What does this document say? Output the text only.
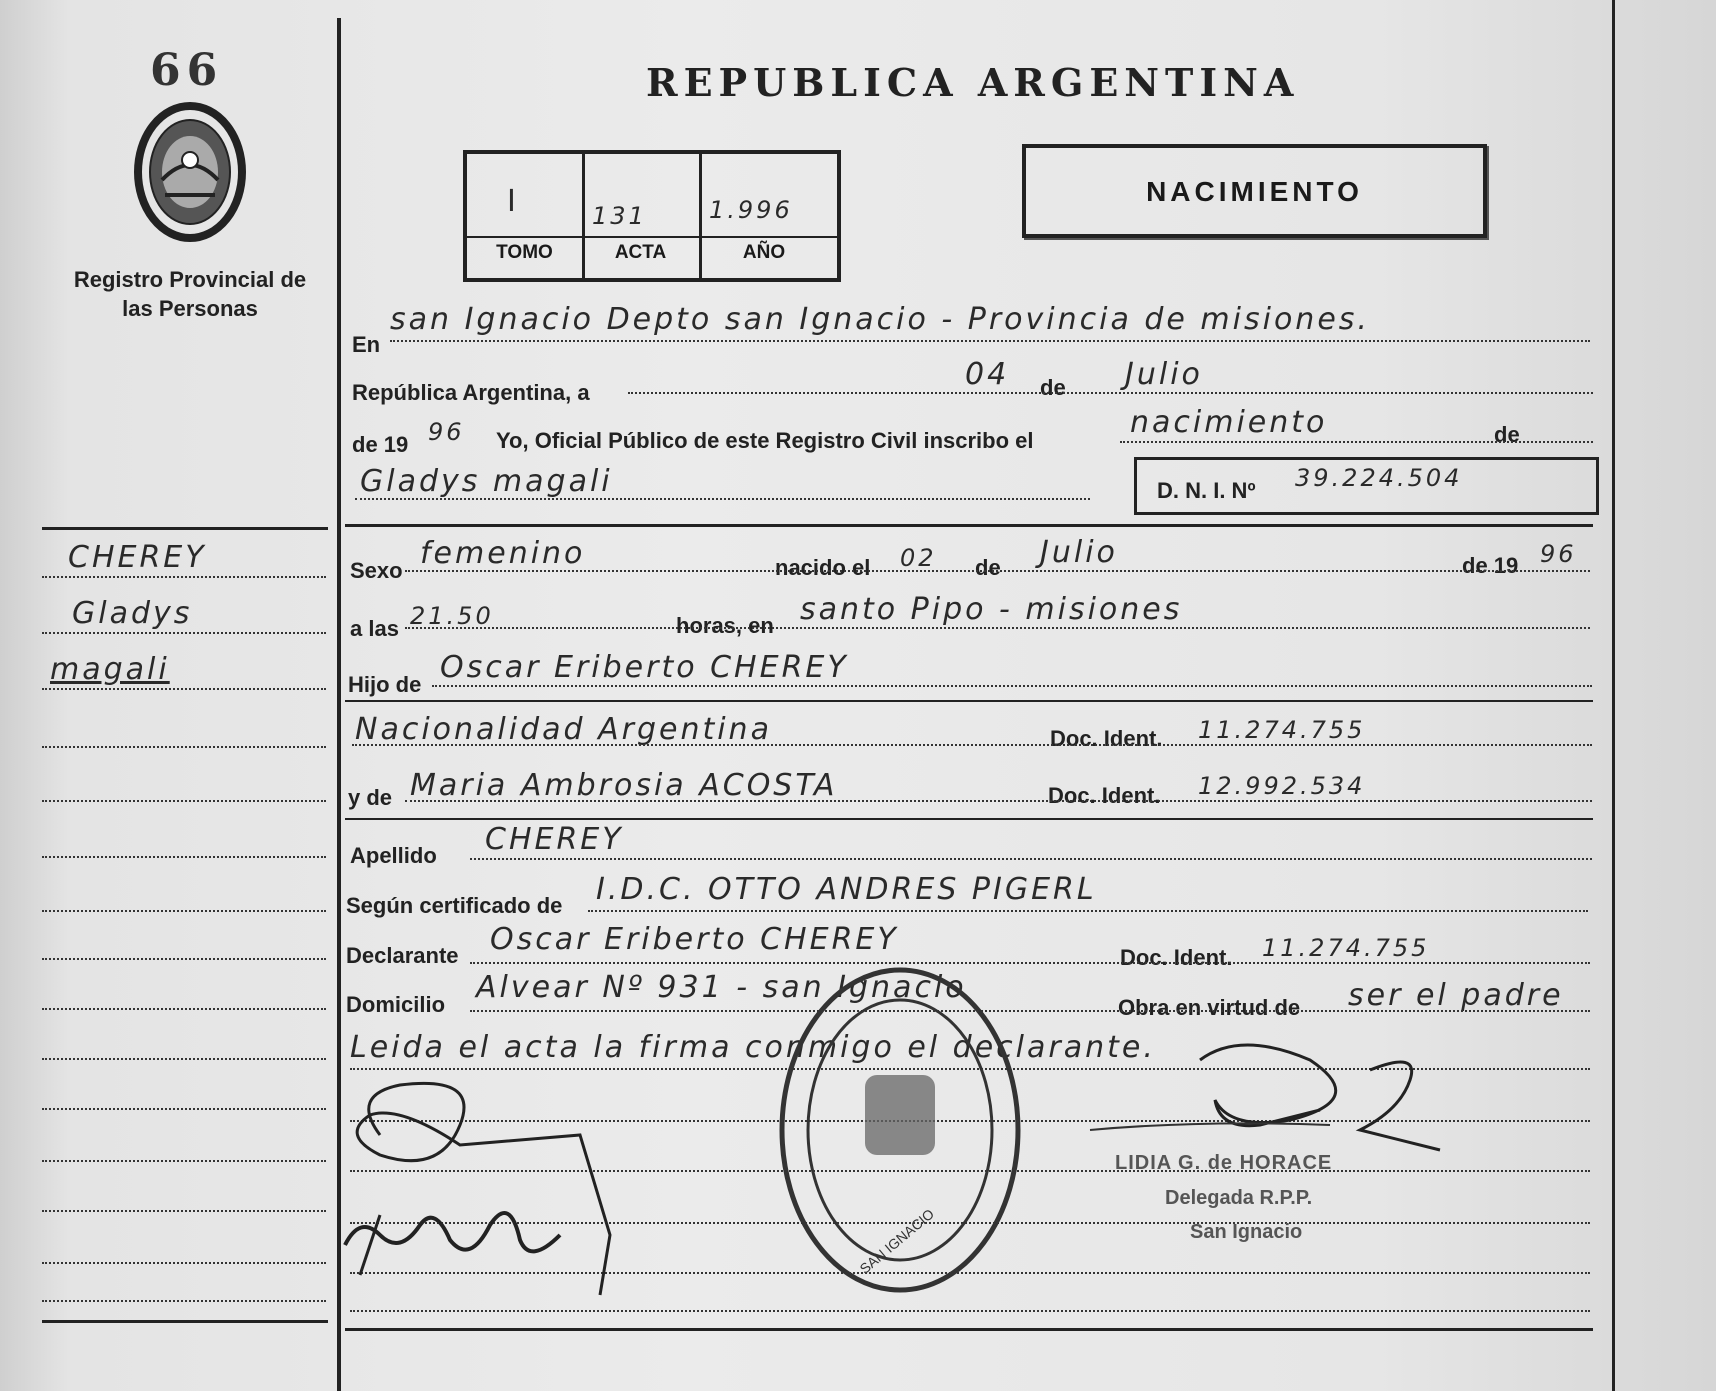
66
Registro Provincial de las Personas
CHEREY
Gladys
magali
REPUBLICA ARGENTINA
I	131	1.996
TOMO	ACTA	AÑO
NACIMIENTO
En
san Ignacio Depto san Ignacio - Provincia de misiones.
República Argentina, a
04 de Julio
de 19 96 Yo, Oficial Público de este Registro Civil inscribo el
nacimiento	de
Gladys magali	D. N. I. Nº 39.224.504
Sexo femenino	nacido el 02 de Julio	de 19 96
a las 21.50	horas, en santo Pipo - misiones
Hijo de Oscar Eriberto CHEREY
Nacionalidad Argentina	Doc. Ident. 11.274.755
y de Maria Ambrosia ACOSTA	Doc. Ident. 12.992.534
Apellido CHEREY
Según certificado de I.D.C. OTTO ANDRES PIGERL
Declarante Oscar Eriberto CHEREY
Doc. Ident. 11.274.755
Domicilio Alvear Nº 931 - san Ignacio
Obra en virtud de ser el padre
Leida el acta la firma conmigo el declarante.
SAN IGNACIO
LIDIA G. de HORACE
Delegada R.P.P.
San Ignacio
